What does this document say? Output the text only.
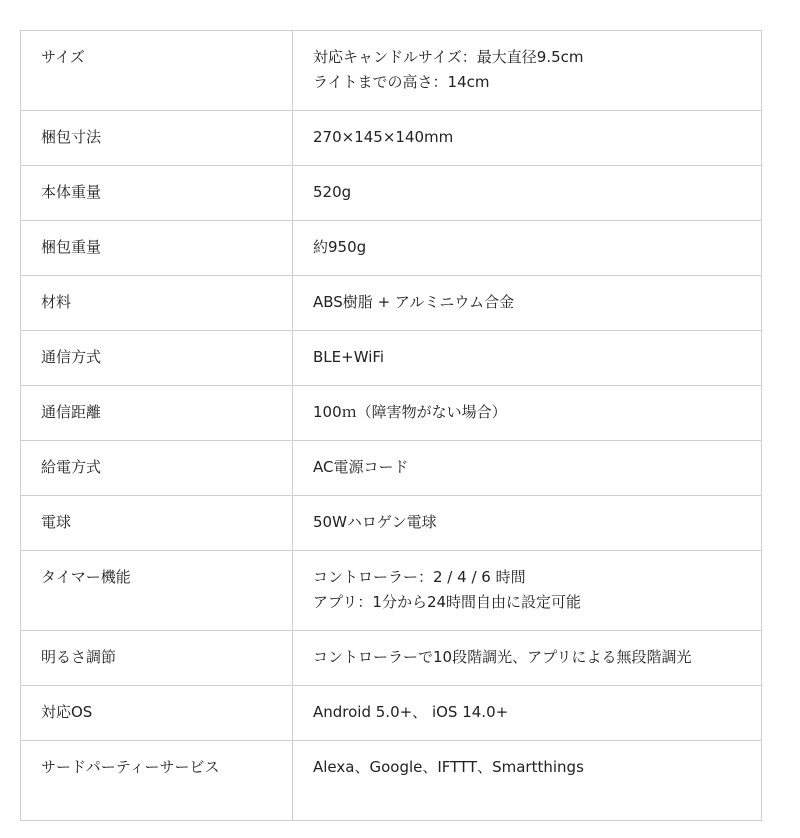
サイズ	対応キャンドルサイズ：最大直径9.5cm
ライトまでの高さ：14cm

梱包寸法	270×145×140mm

本体重量	520g

梱包重量	約950g

材料	ABS樹脂 + アルミニウム合金

通信方式	BLE+WiFi

通信距離	100ｍ（障害物がない場合）

給電方式	AC電源コード

電球	50Wハロゲン電球

タイマー機能	コントローラー：2 / 4 / 6 時間
アプリ：1分から24時間自由に設定可能

明るさ調節	コントローラーで10段階調光、アプリによる無段階調光

対応OS	Android 5.0+、 iOS 14.0+

サードパーティーサービス	Alexa、Google、IFTTT、Smartthings
